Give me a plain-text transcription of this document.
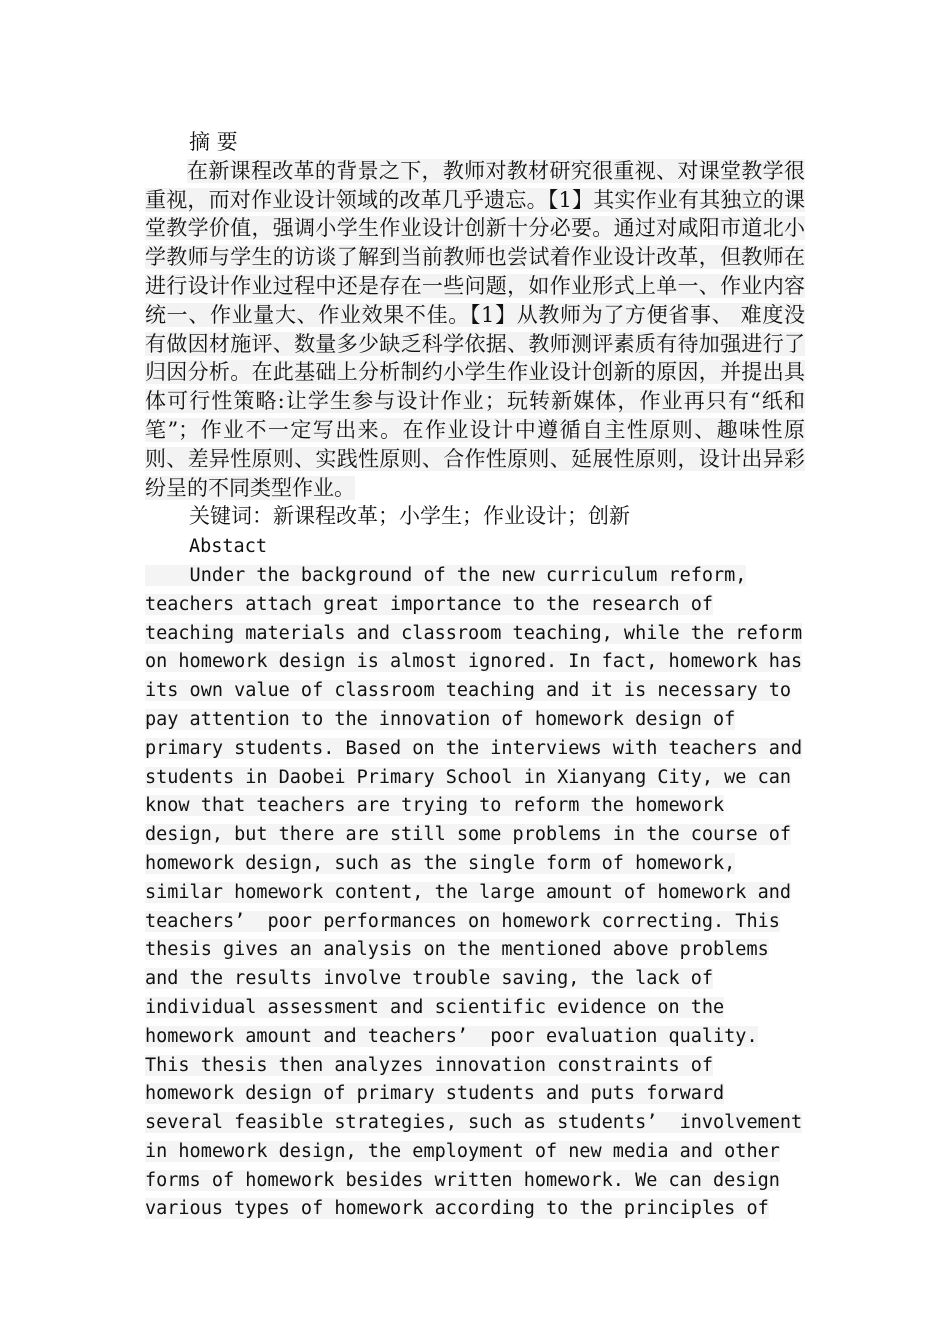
摘 要

在新课程改革的背景之下，教师对教材研究很重视、对课堂教学很重视，而对作业设计领域的改革几乎遗忘。【1】其实作业有其独立的课堂教学价值，强调小学生作业设计创新十分必要。通过对咸阳市道北小学教师与学生的访谈了解到当前教师也尝试着作业设计改革，但教师在进行设计作业过程中还是存在一些问题，如作业形式上单一、作业内容统一、作业量大、作业效果不佳。【1】从教师为了方便省事、 难度没有做因材施评、数量多少缺乏科学依据、教师测评素质有待加强进行了归因分析。在此基础上分析制约小学生作业设计创新的原因，并提出具体可行性策略:让学生参与设计作业；玩转新媒体，作业再只有“纸和笔”；作业不一定写出来。在作业设计中遵循自主性原则、趣味性原则、差异性原则、实践性原则、合作性原则、延展性原则，设计出异彩纷呈的不同类型作业。

关键词：新课程改革；小学生；作业设计；创新

Abstact

Under the background of the new curriculum reform,
teachers attach great importance to the research of
teaching materials and classroom teaching, while the reform
on homework design is almost ignored. In fact, homework has
its own value of classroom teaching and it is necessary to
pay attention to the innovation of homework design of
primary students. Based on the interviews with teachers and
students in Daobei Primary School in Xianyang City, we can
know that teachers are trying to reform the homework
design, but there are still some problems in the course of
homework design, such as the single form of homework,
similar homework content, the large amount of homework and
teachers’  poor performances on homework correcting. This
thesis gives an analysis on the mentioned above problems
and the results involve trouble saving, the lack of
individual assessment and scientific evidence on the
homework amount and teachers’  poor evaluation quality.
This thesis then analyzes innovation constraints of
homework design of primary students and puts forward
several feasible strategies, such as students’  involvement
in homework design, the employment of new media and other
forms of homework besides written homework. We can design
various types of homework according to the principles of
